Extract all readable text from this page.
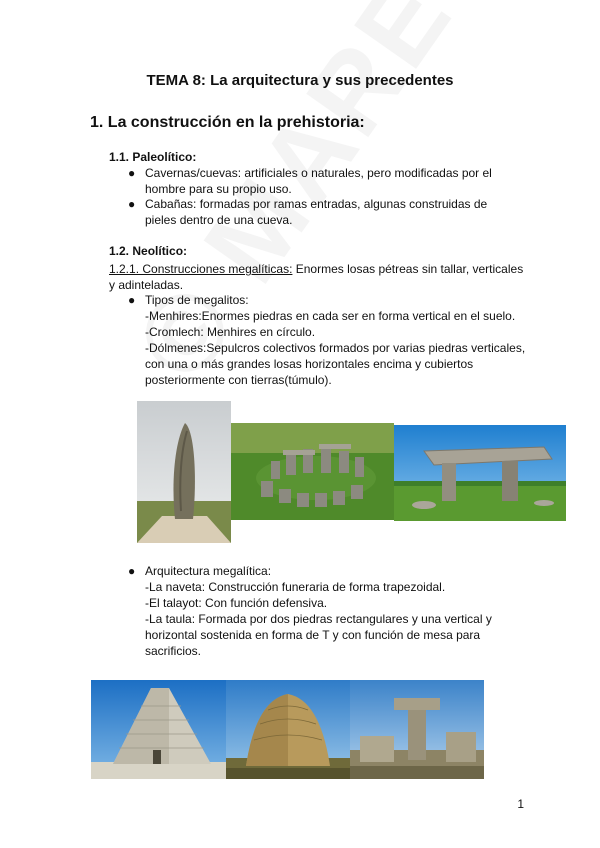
TEMA 8: La arquitectura y sus precedentes
1. La construcción en la prehistoria:
1.1. Paleolítico:
● Cavernas/cuevas: artificiales o naturales, pero modificadas por el hombre para su propio uso.
● Cabañas: formadas por ramas entradas, algunas construidas de pieles dentro de una cueva.
1.2. Neolítico:
1.2.1. Construcciones megalíticas: Enormes losas pétreas sin tallar, verticales
y adinteladas.
● Tipos de megalitos:
-Menhires:Enormes piedras en cada ser en forma vertical en el suelo.
-Cromlech: Menhires en círculo.
-Dólmenes:Sepulcros colectivos formados por varias piedras verticales,
con una o más grandes losas horizontales encima y cubiertos
posteriormente con tierras(túmulo).
● Arquitectura megalítica:
-La naveta: Construcción funeraria de forma trapezoidal.
-El talayot: Con función defensiva.
-La taula: Formada por dos piedras rectangulares y una vertical y
horizontal sostenida en forma de T y con función de mesa para
sacrificios.
1
